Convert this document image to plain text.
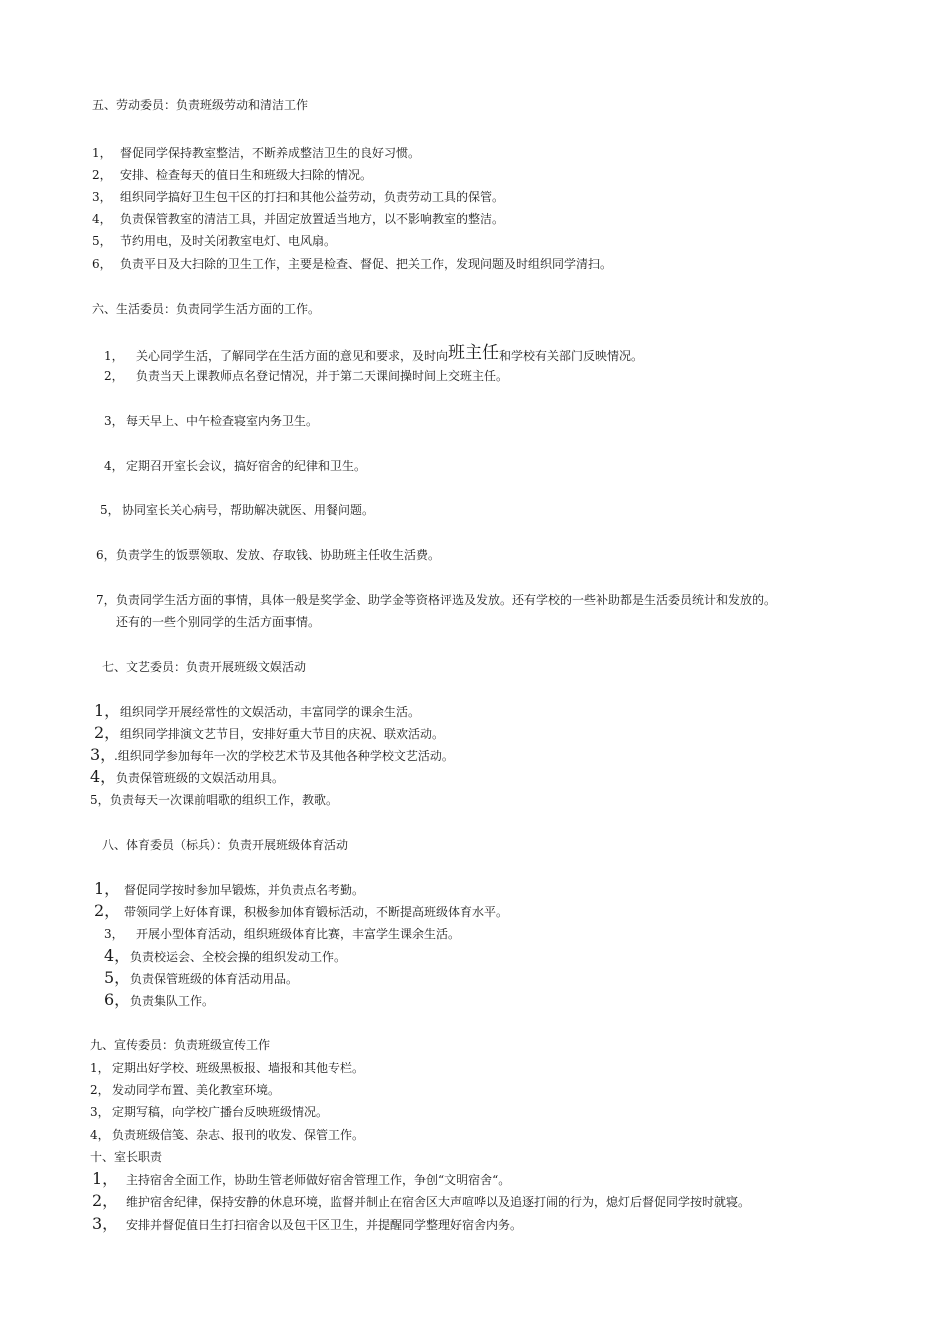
五、劳动委员：负责班级劳动和清洁工作
1， 督促同学保持教室整洁，不断养成整洁卫生的良好习惯。
2， 安排、检查每天的值日生和班级大扫除的情况。
3， 组织同学搞好卫生包干区的打扫和其他公益劳动，负责劳动工具的保管。
4， 负责保管教室的清洁工具，并固定放置适当地方，以不影响教室的整洁。
5， 节约用电，及时关闭教室电灯、电风扇。
6， 负责平日及大扫除的卫生工作，主要是检查、督促、把关工作，发现问题及时组织同学清扫。
六、生活委员：负责同学生活方面的工作。
1， 关心同学生活，了解同学在生活方面的意见和要求，及时向班主任和学校有关部门反映情况。
2， 负责当天上课教师点名登记情况，并于第二天课间操时间上交班主任。
3， 每天早上、中午检查寝室内务卫生。
4， 定期召开室长会议，搞好宿舍的纪律和卫生。
5， 协同室长关心病号，帮助解决就医、用餐问题。
6，负责学生的饭票领取、发放、存取钱、协助班主任收生活费。
7，负责同学生活方面的事情，具体一般是奖学金、助学金等资格评选及发放。还有学校的一些补助都是生活委员统计和发放的。
还有的一些个别同学的生活方面事情。
七、文艺委员：负责开展班级文娱活动
1，组织同学开展经常性的文娱活动，丰富同学的课余生活。
2，组织同学排演文艺节目，安排好重大节目的庆祝、联欢活动。
3，.组织同学参加每年一次的学校艺术节及其他各种学校文艺活动。
4，负责保管班级的文娱活动用具。
5，负责每天一次课前唱歌的组织工作，教歌。
八、体育委员（标兵）：负责开展班级体育活动
1， 督促同学按时参加早锻炼，并负责点名考勤。
2， 带领同学上好体育课，积极参加体育锻标活动，不断提高班级体育水平。
3， 开展小型体育活动，组织班级体育比赛，丰富学生课余生活。
4，负责校运会、全校会操的组织发动工作。
5，负责保管班级的体育活动用品。
6，负责集队工作。
九、宣传委员：负责班级宣传工作
1， 定期出好学校、班级黑板报、墙报和其他专栏。
2， 发动同学布置、美化教室环境。
3， 定期写稿，向学校广播台反映班级情况。
4， 负责班级信笺、杂志、报刊的收发、保管工作。
十、室长职责
1， 主持宿舍全面工作，协助生管老师做好宿舍管理工作，争创“文明宿舍“。
2， 维护宿舍纪律，保持安静的休息环境，监督并制止在宿舍区大声喧哗以及追逐打闹的行为，熄灯后督促同学按时就寝。
3， 安排并督促值日生打扫宿舍以及包干区卫生，并提醒同学整理好宿舍内务。
